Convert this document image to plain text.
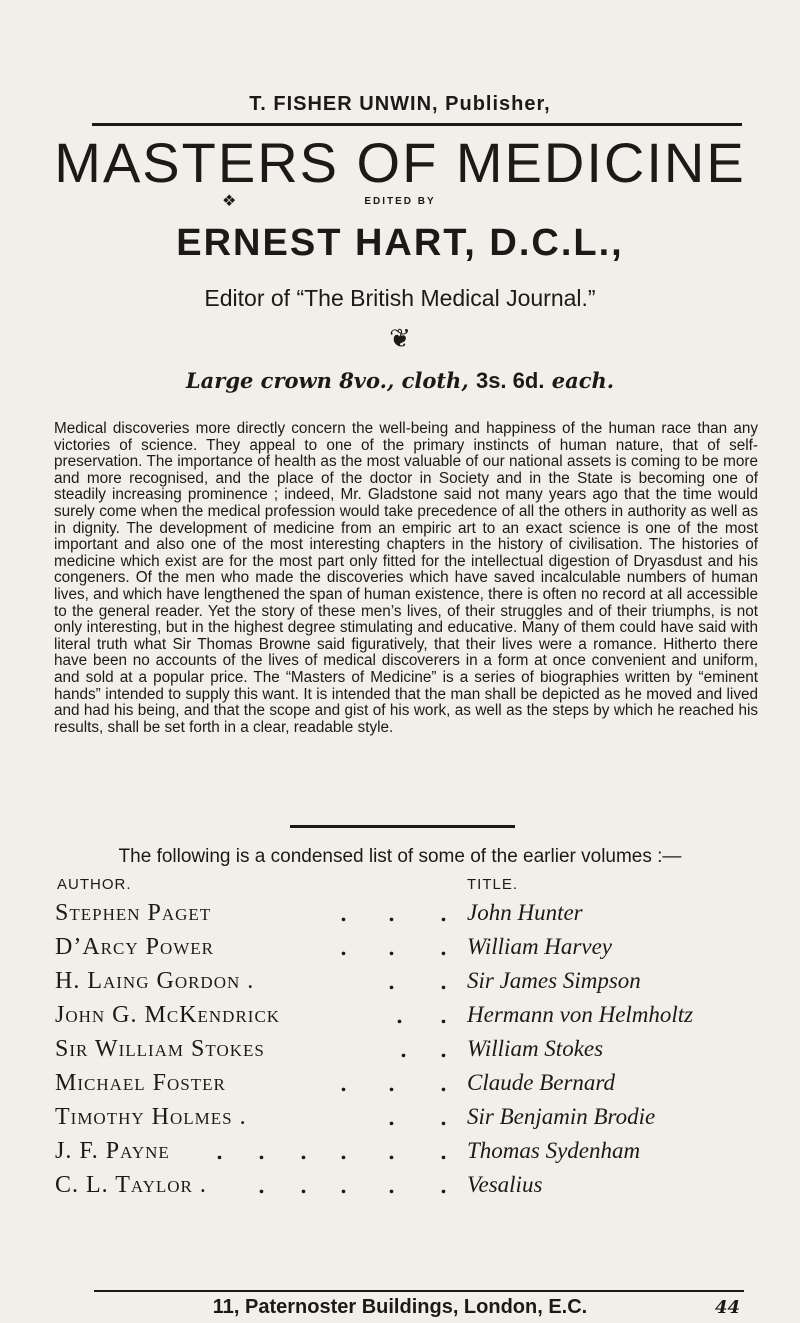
T. FISHER UNWIN, Publisher,
MASTERS OF MEDICINE
❖	EDITED BY
ERNEST HART, D.C.L.,
Editor of “The British Medical Journal.”
❦
Large crown 8vo., cloth, 3s. 6d. each.
Medical discoveries more directly concern the well-being and happiness of the human race than any victories of science. They appeal to one of the primary instincts of human nature, that of self-preservation. The importance of health as the most valuable of our national assets is coming to be more and more recognised, and the place of the doctor in Society and in the State is becoming one of steadily increasing prominence ; indeed, Mr. Gladstone said not many years ago that the time would surely come when the medical profession would take precedence of all the others in authority as well as in dignity. The development of medicine from an empiric art to an exact science is one of the most important and also one of the most interesting chapters in the history of civilisation. The histories of medicine which exist are for the most part only fitted for the intellectual digestion of Dryasdust and his congeners. Of the men who made the discoveries which have saved incalculable numbers of human lives, and which have lengthened the span of human existence, there is often no record at all accessible to the general reader. Yet the story of these men’s lives, of their struggles and of their triumphs, is not only interesting, but in the highest degree stimulating and educative. Many of them could have said with literal truth what Sir Thomas Browne said figuratively, that their lives were a romance. Hitherto there have been no accounts of the lives of medical discoverers in a form at once convenient and uniform, and sold at a popular price. The “Masters of Medicine” is a series of biographies written by “eminent hands” intended to supply this want. It is intended that the man shall be depicted as he moved and lived and had his being, and that the scope and gist of his work, as well as the steps by which he reached his results, shall be set forth in a clear, readable style.
The following is a condensed list of some of the earlier volumes :—
AUTHOR.	TITLE.
Stephen Paget	. . . John Hunter
D’Arcy Power	. . . William Harvey
H. Laing Gordon .	. . Sir James Simpson
John G. McKendrick	. . Hermann von Helmholtz
Sir William Stokes	. . William Stokes
Michael Foster	. . . Claude Bernard
Timothy Holmes .	. . Sir Benjamin Brodie
J. F. Payne . . . . . . Thomas Sydenham
C. L. Taylor .	. . . . . Vesalius
11, Paternoster Buildings, London, E.C.	44
